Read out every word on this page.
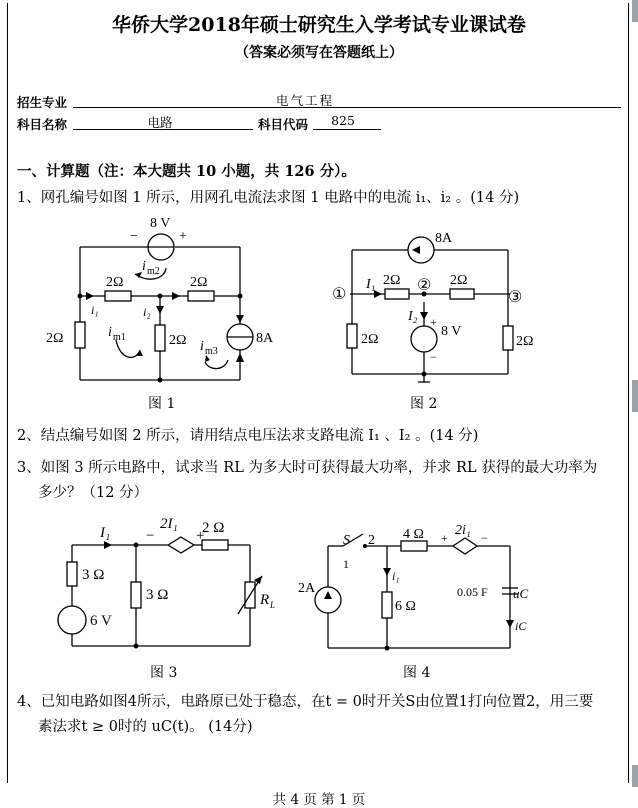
华侨大学2018年硕士研究生入学考试专业课试卷
（答案必须写在答题纸上）
招生专业	电气工程
科目名称	电路	科目代码	825
一、计算题（注：本大题共 10 小题，共 126 分）。
1、网孔编号如图 1 所示，用网孔电流法求图 1 电路中的电流 i₁、i₂ 。(14 分)
8 V
−	+
2Ω	2Ω
2Ω	2Ω	8A
i₁	i₂
i m2
i m1
i m3
图 1
8A
①
②
③
I₁ 2Ω	2Ω
2Ω	2Ω
I₂
8 V
+
−
图 2
2、结点编号如图 2 所示，请用结点电压法求支路电流 I₁ 、I₂ 。(14 分)
3、如图 3 所示电路中，试求当 RL 为多大时可获得最大功率，并求 RL 获得的最大功率为
多少？（12 分）
I₁
2I₁
−	+
2 Ω
3 Ω
3 Ω
6 V
R L
图 3
S 2
1
2A
i₁
6 Ω
4 Ω 2i₁
+	−
0.05 F uC
iC
图 4
4、已知电路如图4所示，电路原已处于稳态，在t = 0时开关S由位置1打向位置2，用三要
素法求t ≥ 0时的 uC(t)。 (14分)
共 4 页 第 1 页
